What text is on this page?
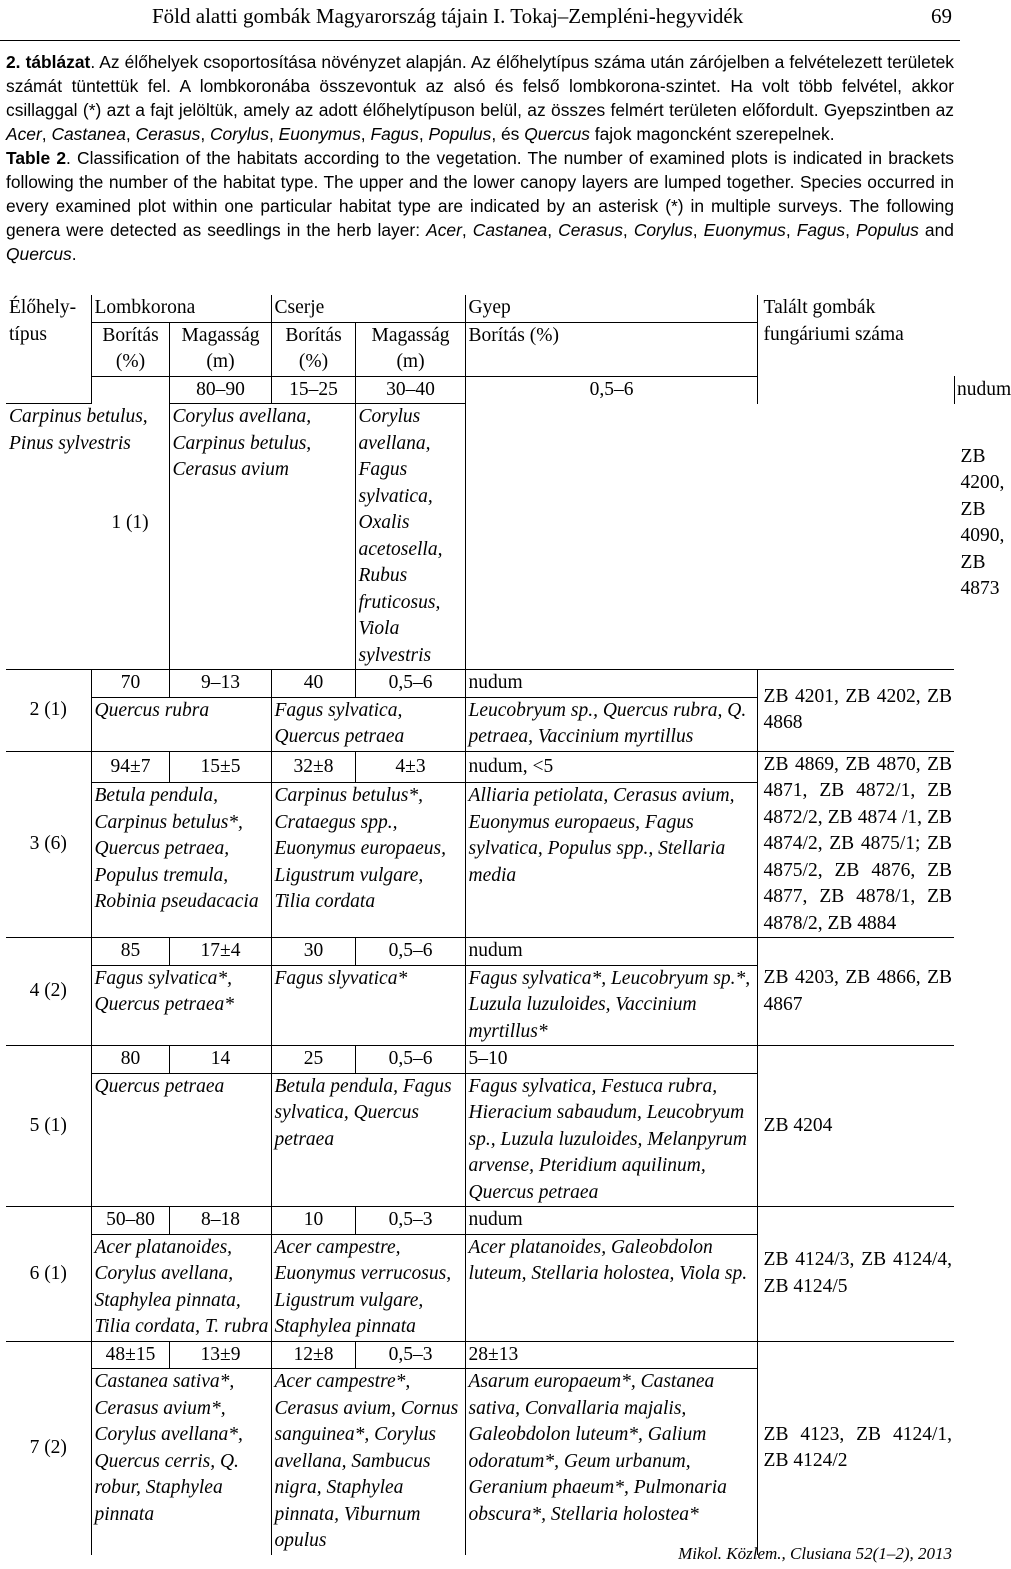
Föld alatti gombák Magyarország tájain I. Tokaj–Zempléni-hegyvidék	69
2. táblázat. Az élőhelyek csoportosítása növényzet alapján. Az élőhelytípus száma után zárójelben a felvételezett területek számát tüntettük fel. A lombkoronába összevontuk az alsó és felső lombkorona-szintet. Ha volt több felvétel, akkor csillaggal (*) azt a fajt jelöltük, amely az adott élőhelytípuson belül, az összes felmért területen előfordult. Gyepszintben az Acer, Castanea, Cerasus, Corylus, Euonymus, Fagus, Populus, és Quercus fajok magoncként szerepelnek.
Table 2. Classification of the habitats according to the vegetation. The number of examined plots is indicated in brackets following the number of the habitat type. The upper and the lower canopy layers are lumped together. Species occurred in every examined plot within one particular habitat type are indicated by an asterisk (*) in multiple surveys. The following genera were detected as seedlings in the herb layer: Acer, Castanea, Cerasus, Corylus, Euonymus, Fagus, Populus and Quercus.
Élőhely-típus	Lombkorona		Cserje		Gyep	Talált gombák fungáriumi száma	
	Borítás (%)	Magasság (m)	Borítás (%)	Magasság (m)	Borítás (%)		
	1 (1)	80–90	15–25	30–40	0,5–6		nudum	ZB 4200, ZB 4090, ZB 4873
Carpinus betulus, Pinus sylvestris		Corylus avellana, Carpinus betulus, Cerasus avium		Corylus avellana, Fagus sylvatica, Oxalis acetosella, Rubus fruticosus, Viola sylvestris			
2 (1)	70	9–13	40	0,5–6	nudum	ZB 4201, ZB 4202, ZB 4868	
	Quercus rubra		Fagus sylvatica, Quercus petraea		Leucobryum sp., Quercus rubra, Q. petraea, Vaccinium myrtillus		
3 (6)	94±7	15±5	32±8	4±3	nudum, <5	ZB 4869, ZB 4870, ZB 4871, ZB 4872/1, ZB 4872/2, ZB 4874 /1, ZB 4874/2, ZB 4875/1; ZB 4875/2, ZB 4876, ZB 4877, ZB 4878/1, ZB 4878/2, ZB 4884	
	Betula pendula, Carpinus betulus*, Quercus petraea, Populus tremula, Robinia pseudacacia		Carpinus betulus*, Crataegus spp., Euonymus europaeus, Ligustrum vulgare, Tilia cordata		Alliaria petiolata, Cerasus avium, Euonymus europaeus, Fagus sylvatica, Populus spp., Stellaria media		
4 (2)	85	17±4	30	0,5–6	nudum	ZB 4203, ZB 4866, ZB 4867	
	Fagus sylvatica*, Quercus petraea*		Fagus slyvatica*		Fagus sylvatica*, Leucobryum sp.*, Luzula luzuloides, Vaccinium myrtillus*		
5 (1)	80	14	25	0,5–6	5–10	ZB 4204	
	Quercus petraea		Betula pendula, Fagus sylvatica, Quercus petraea		Fagus sylvatica, Festuca rubra, Hieracium sabaudum, Leucobryum sp., Luzula luzuloides, Melanpyrum arvense, Pteridium aquilinum, Quercus petraea		
6 (1)	50–80	8–18	10	0,5–3	nudum	ZB 4124/3, ZB 4124/4, ZB 4124/5	
	Acer platanoides, Corylus avellana, Staphylea pinnata, Tilia cordata, T. rubra		Acer campestre, Euonymus verrucosus, Ligustrum vulgare, Staphylea pinnata		Acer platanoides, Galeobdolon luteum, Stellaria holostea, Viola sp.		
7 (2)	48±15	13±9	12±8	0,5–3	28±13	ZB 4123, ZB 4124/1, ZB 4124/2	
	Castanea sativa*, Cerasus avium*, Corylus avellana*, Quercus cerris, Q. robur, Staphylea pinnata		Acer campestre*, Cerasus avium, Cornus sanguinea*, Corylus avellana, Sambucus nigra, Staphylea pinnata, Viburnum opulus		Asarum europaeum*, Castanea sativa, Convallaria majalis, Galeobdolon luteum*, Galium odoratum*, Geum urbanum, Geranium phaeum*, Pulmonaria obscura*, Stellaria holostea*		
Mikol. Közlem., Clusiana 52(1–2), 2013
